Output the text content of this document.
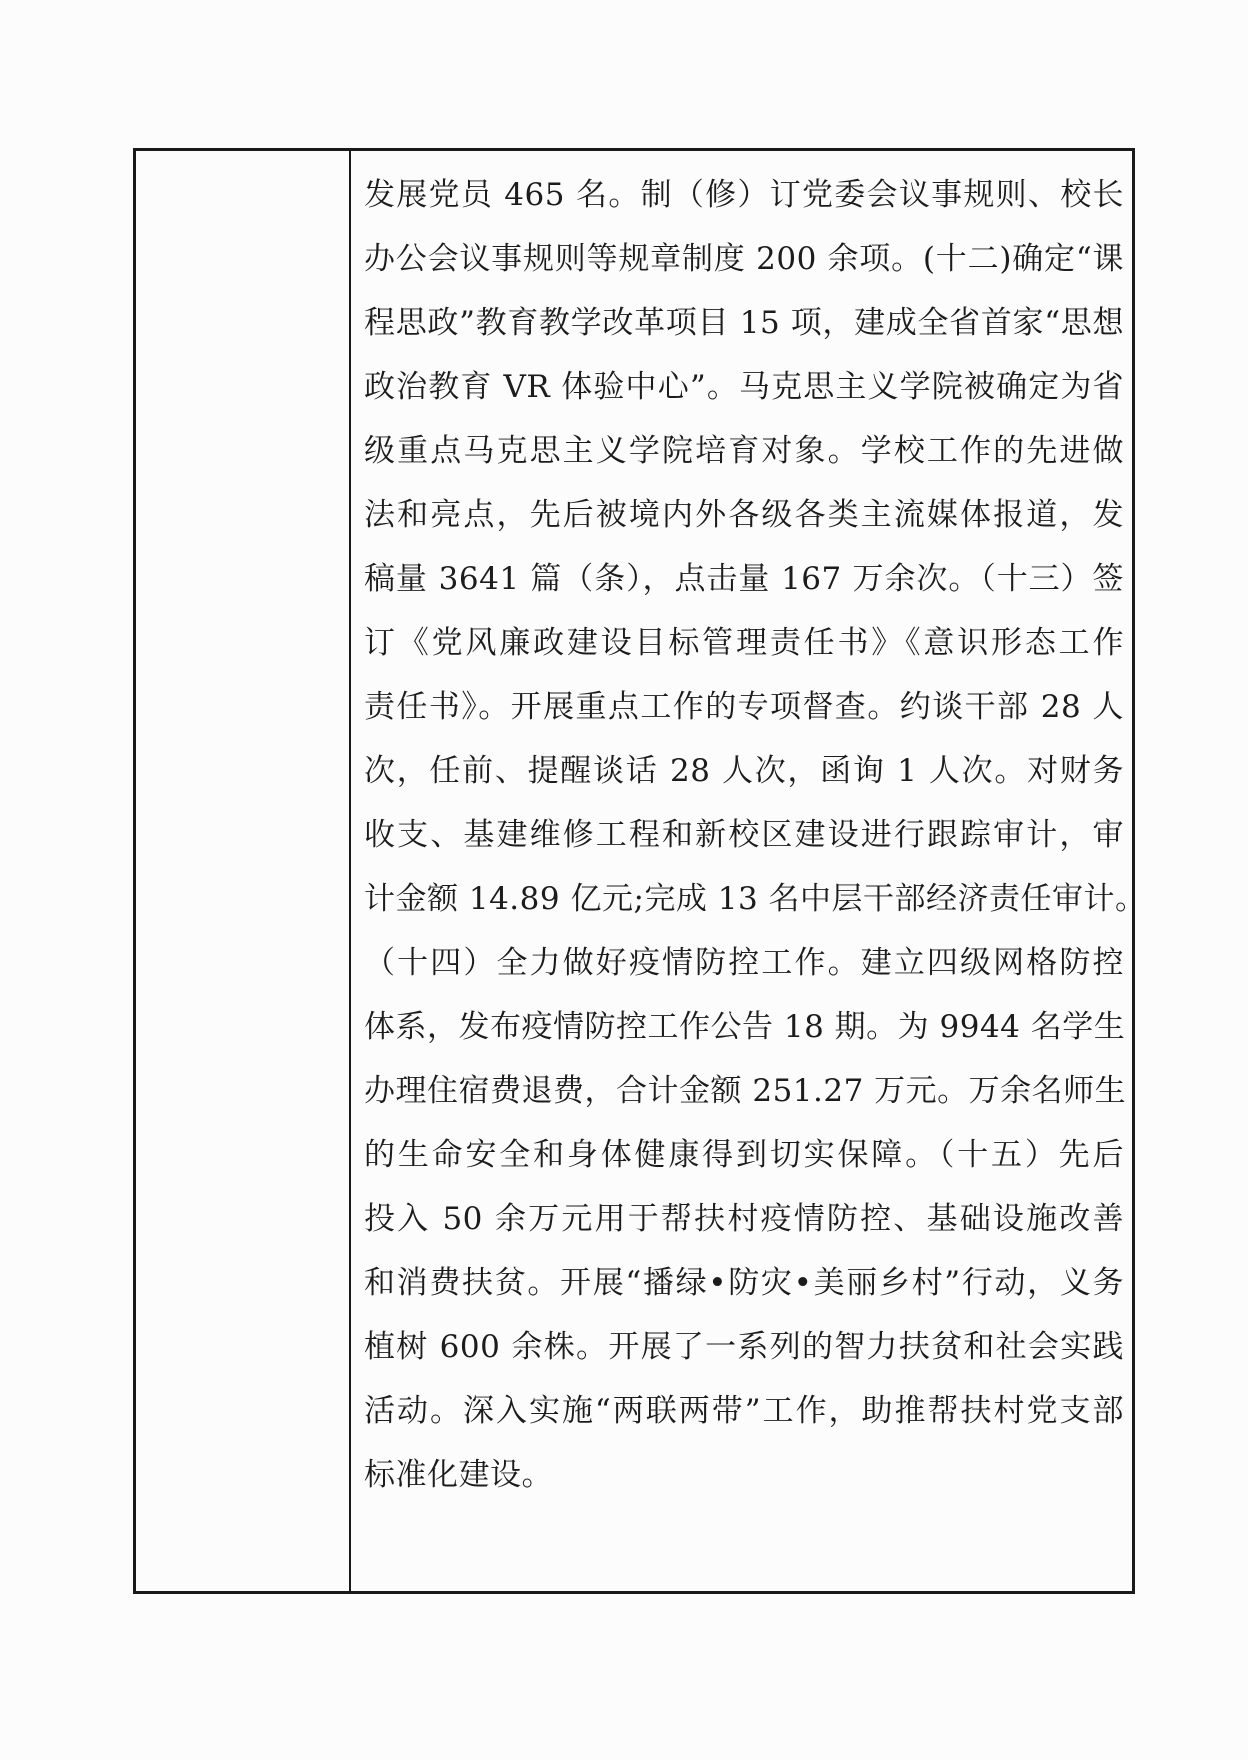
发展党员 465 名。制（修）订党委会议事规则、校长
办公会议事规则等规章制度 200 余项。(十二)确定“课
程思政”教育教学改革项目 15 项，建成全省首家“思想
政治教育 VR 体验中心”。马克思主义学院被确定为省
级重点马克思主义学院培育对象。学校工作的先进做
法和亮点，先后被境内外各级各类主流媒体报道，发
稿量 3641 篇（条），点击量 167 万余次。（十三）签
订《党风廉政建设目标管理责任书》《意识形态工作
责任书》。开展重点工作的专项督查。约谈干部 28 人
次，任前、提醒谈话 28 人次，函询 1 人次。对财务
收支、基建维修工程和新校区建设进行跟踪审计，审
计金额 14.89 亿元;完成 13 名中层干部经济责任审计。
（十四）全力做好疫情防控工作。建立四级网格防控
体系，发布疫情防控工作公告 18 期。为 9944 名学生
办理住宿费退费，合计金额 251.27 万元。万余名师生
的生命安全和身体健康得到切实保障。（十五）先后
投入 50 余万元用于帮扶村疫情防控、基础设施改善
和消费扶贫。开展“播绿•防灾•美丽乡村”行动，义务
植树 600 余株。开展了一系列的智力扶贫和社会实践
活动。深入实施“两联两带”工作，助推帮扶村党支部
标准化建设。
